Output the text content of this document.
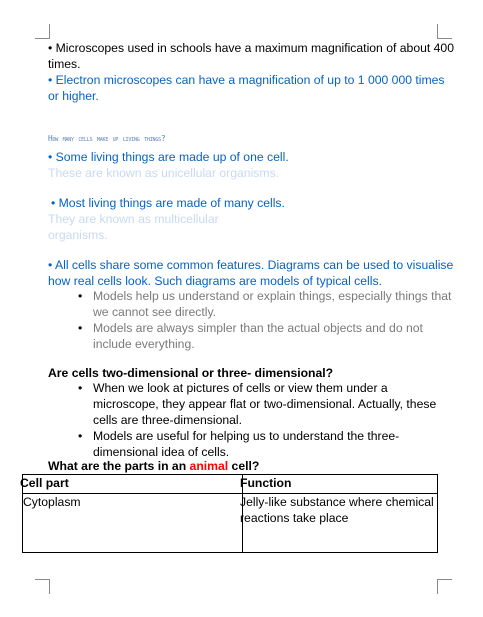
• Microscopes used in schools have a maximum magnification of about 400
times.
• Electron microscopes can have a magnification of up to 1 000 000 times
or higher.
How many cells make up living things?
• Some living things are made up of one cell.
These are known as unicellular organisms.
• Most living things are made of many cells.
They are known as multicellular
organisms.
• All cells share some common features. Diagrams can be used to visualise
how real cells look. Such diagrams are models of typical cells.
• Models help us understand or explain things, especially things that
we cannot see directly.
• Models are always simpler than the actual objects and do not
include everything.
Are cells two-dimensional or three- dimensional?
• When we look at pictures of cells or view them under a
microscope, they appear flat or two-dimensional. Actually, these
cells are three-dimensional.
• Models are useful for helping us to understand the three-
dimensional idea of cells.
What are the parts in an animal cell?
Cell part	Function

Cytoplasm	Jelly-like substance where chemical
reactions take place
